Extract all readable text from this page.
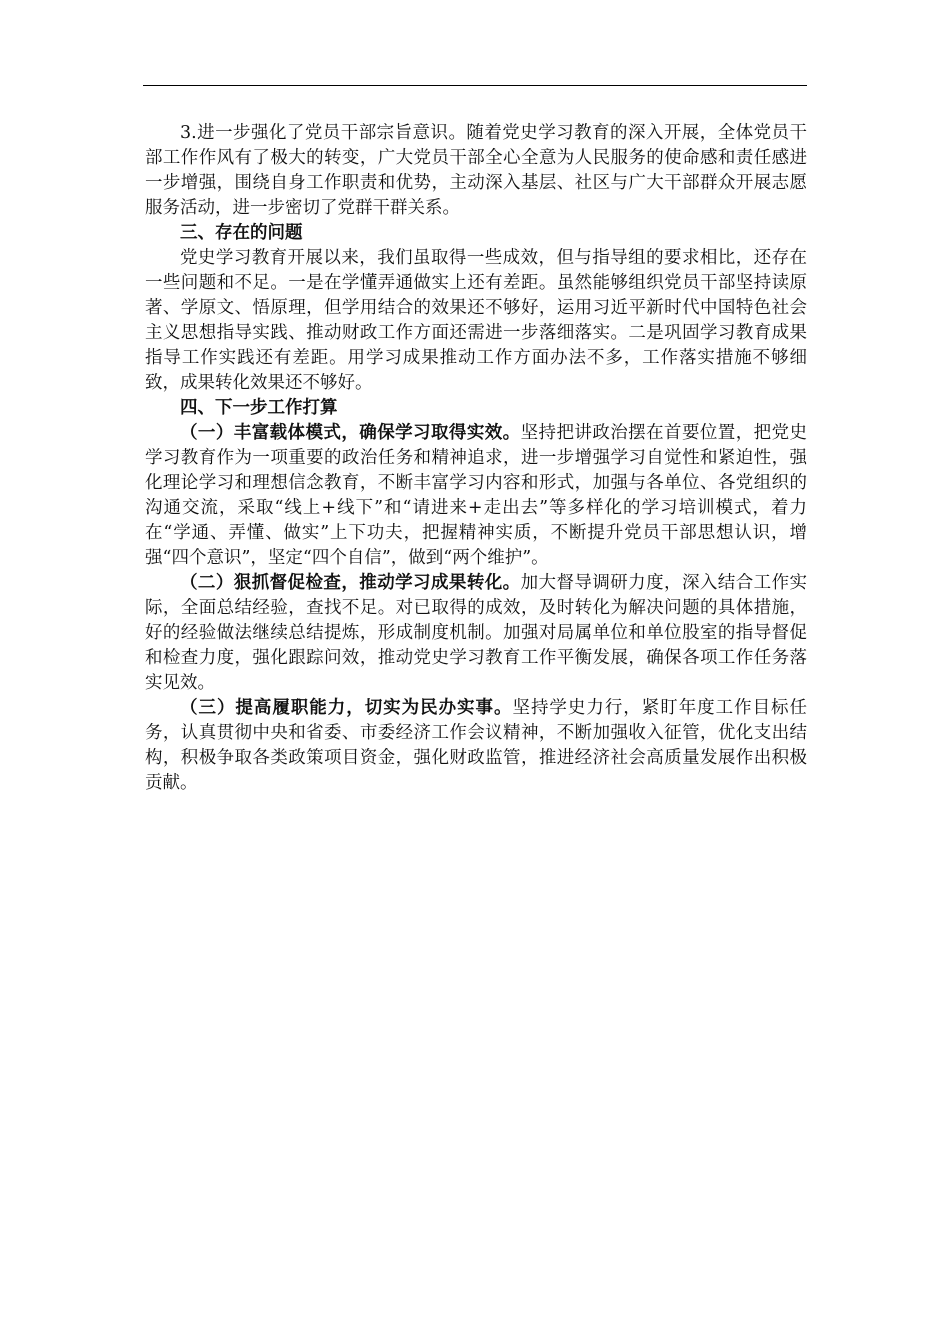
3.进一步强化了党员干部宗旨意识。随着党史学习教育的深入开展，全体党员干部工作作风有了极大的转变，广大党员干部全心全意为人民服务的使命感和责任感进一步增强，围绕自身工作职责和优势，主动深入基层、社区与广大干部群众开展志愿服务活动，进一步密切了党群干群关系。

三、存在的问题

党史学习教育开展以来，我们虽取得一些成效，但与指导组的要求相比，还存在一些问题和不足。一是在学懂弄通做实上还有差距。虽然能够组织党员干部坚持读原著、学原文、悟原理，但学用结合的效果还不够好，运用习近平新时代中国特色社会主义思想指导实践、推动财政工作方面还需进一步落细落实。二是巩固学习教育成果指导工作实践还有差距。用学习成果推动工作方面办法不多，工作落实措施不够细致，成果转化效果还不够好。

四、下一步工作打算

（一）丰富载体模式，确保学习取得实效。坚持把讲政治摆在首要位置，把党史学习教育作为一项重要的政治任务和精神追求，进一步增强学习自觉性和紧迫性，强化理论学习和理想信念教育，不断丰富学习内容和形式，加强与各单位、各党组织的沟通交流，采取“线上+线下”和“请进来+走出去”等多样化的学习培训模式，着力在“学通、弄懂、做实”上下功夫，把握精神实质，不断提升党员干部思想认识，增强“四个意识”，坚定“四个自信”，做到“两个维护”。

（二）狠抓督促检查，推动学习成果转化。加大督导调研力度，深入结合工作实际，全面总结经验，查找不足。对已取得的成效，及时转化为解决问题的具体措施，好的经验做法继续总结提炼，形成制度机制。加强对局属单位和单位股室的指导督促和检查力度，强化跟踪问效，推动党史学习教育工作平衡发展，确保各项工作任务落实见效。

（三）提高履职能力，切实为民办实事。坚持学史力行，紧盯年度工作目标任务，认真贯彻中央和省委、市委经济工作会议精神，不断加强收入征管，优化支出结构，积极争取各类政策项目资金，强化财政监管，推进经济社会高质量发展作出积极贡献。
